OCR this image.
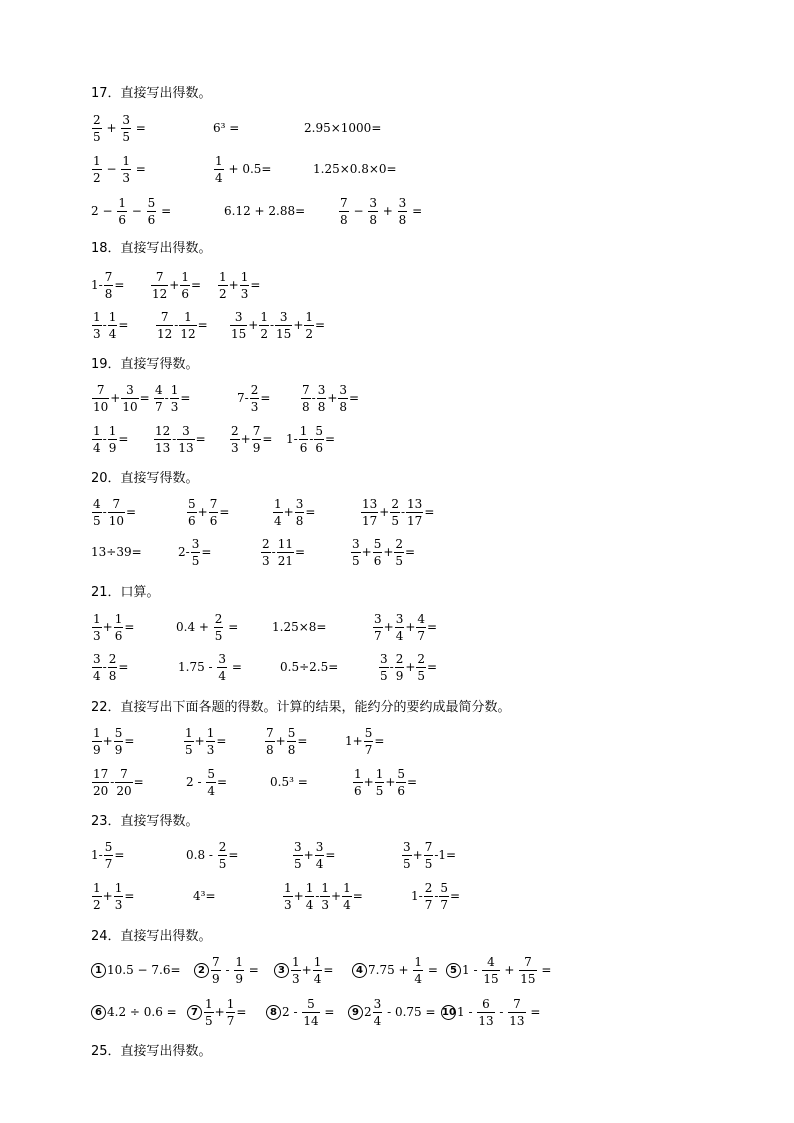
17．直接写出得数。
$\frac{2}{5} + \frac{3}{5}$ =	6³ =	2.95×1000=
$\frac{1}{2} - \frac{1}{3}$ =	$\frac{1}{4} + 0.5=$	1.25×0.8×0=
$2 - \frac{1}{6} - \frac{5}{6}$ =	6.12 + 2.88=	$\frac{7}{8} - \frac{3}{8} + \frac{3}{8}$ =
18．直接写出得数。
$1- \frac{7}{8} = \frac{7}{12} + \frac{1}{6} = \frac{1}{2} + \frac{1}{3}$ =
$\frac{1}{3} - \frac{1}{4} = \frac{7}{12} - \frac{1}{12} = \frac{3}{15} + \frac{1}{2} - \frac{3}{15} + \frac{1}{2}$ =
19．直接写得数。
$\frac{7}{10} + \frac{3}{10} = \frac{4}{7} - \frac{1}{3}$ =	$7- \frac{2}{3}$ =	$\frac{7}{8} - \frac{3}{8} + \frac{3}{8}$ =
$\frac{1}{4} - \frac{1}{9} = \frac{12}{13} - \frac{3}{13} = \frac{2}{3} + \frac{7}{9} = 1- \frac{1}{6} - \frac{5}{6}$ =
20．直接写得数。
$\frac{4}{5} - \frac{7}{10}$ =	$\frac{5}{6} + \frac{7}{6}$ =	$\frac{1}{4} + \frac{3}{8}$ =	$\frac{13}{17} + \frac{2}{5} - \frac{13}{17}$ =
13÷39=	$2- \frac{3}{5}$ =	$\frac{2}{3} - \frac{11}{21}$ =	$\frac{3}{5} + \frac{5}{6} + \frac{2}{5}$ =
21．口算。
$\frac{1}{3} + \frac{1}{6}$ =	$0.4 + \frac{2}{5}$ =	1.25×8=	$\frac{3}{7} + \frac{3}{4} + \frac{4}{7}$ =
$\frac{3}{4} - \frac{2}{8}$ =	$1.75 - \frac{3}{4}$ =	0.5÷2.5=	$\frac{3}{5} - \frac{2}{9} + \frac{2}{5}$ =
22．直接写出下面各题的得数。计算的结果，能约分的要约成最简分数。
$\frac{1}{9} + \frac{5}{9}$ =	$\frac{1}{5} + \frac{1}{3}$ =	$\frac{7}{8} + \frac{5}{8}$ =	$1+ \frac{5}{7}$ =
$\frac{17}{20} - \frac{7}{20}$ =	$2 - \frac{5}{4}$ =	0.5³ =	$\frac{1}{6} + \frac{1}{5} + \frac{5}{6}$ =
23．直接写得数。
$1- \frac{5}{7}$ =	$0.8 - \frac{2}{5}$ =	$\frac{3}{5} + \frac{3}{4}$ =	$\frac{3}{5} + \frac{7}{5} -1=$
$\frac{1}{2} + \frac{1}{3}$ =	4³=	$\frac{1}{3} + \frac{1}{4} - \frac{1}{3} + \frac{1}{4}$ =	$1- \frac{2}{7} - \frac{5}{7}$ =
24．直接写出得数。
1 10.5 − 7.6=	$2 \frac{7}{9} - \frac{1}{9}$ =	$3 \frac{1}{3} + \frac{1}{4}$ =	4 $7.75 + \frac{1}{4}$ =	5 $1 - \frac{4}{15} + \frac{7}{15}$ =
6 4.2 ÷ 0.6 =	$7 \frac{1}{5} + \frac{1}{7}$ =	8 $2 - \frac{5}{14}$ =	9 $2 \frac{3}{4} - 0.75 = 10$ $1 - \frac{6}{13} - \frac{7}{13}$ =
25．直接写出得数。
